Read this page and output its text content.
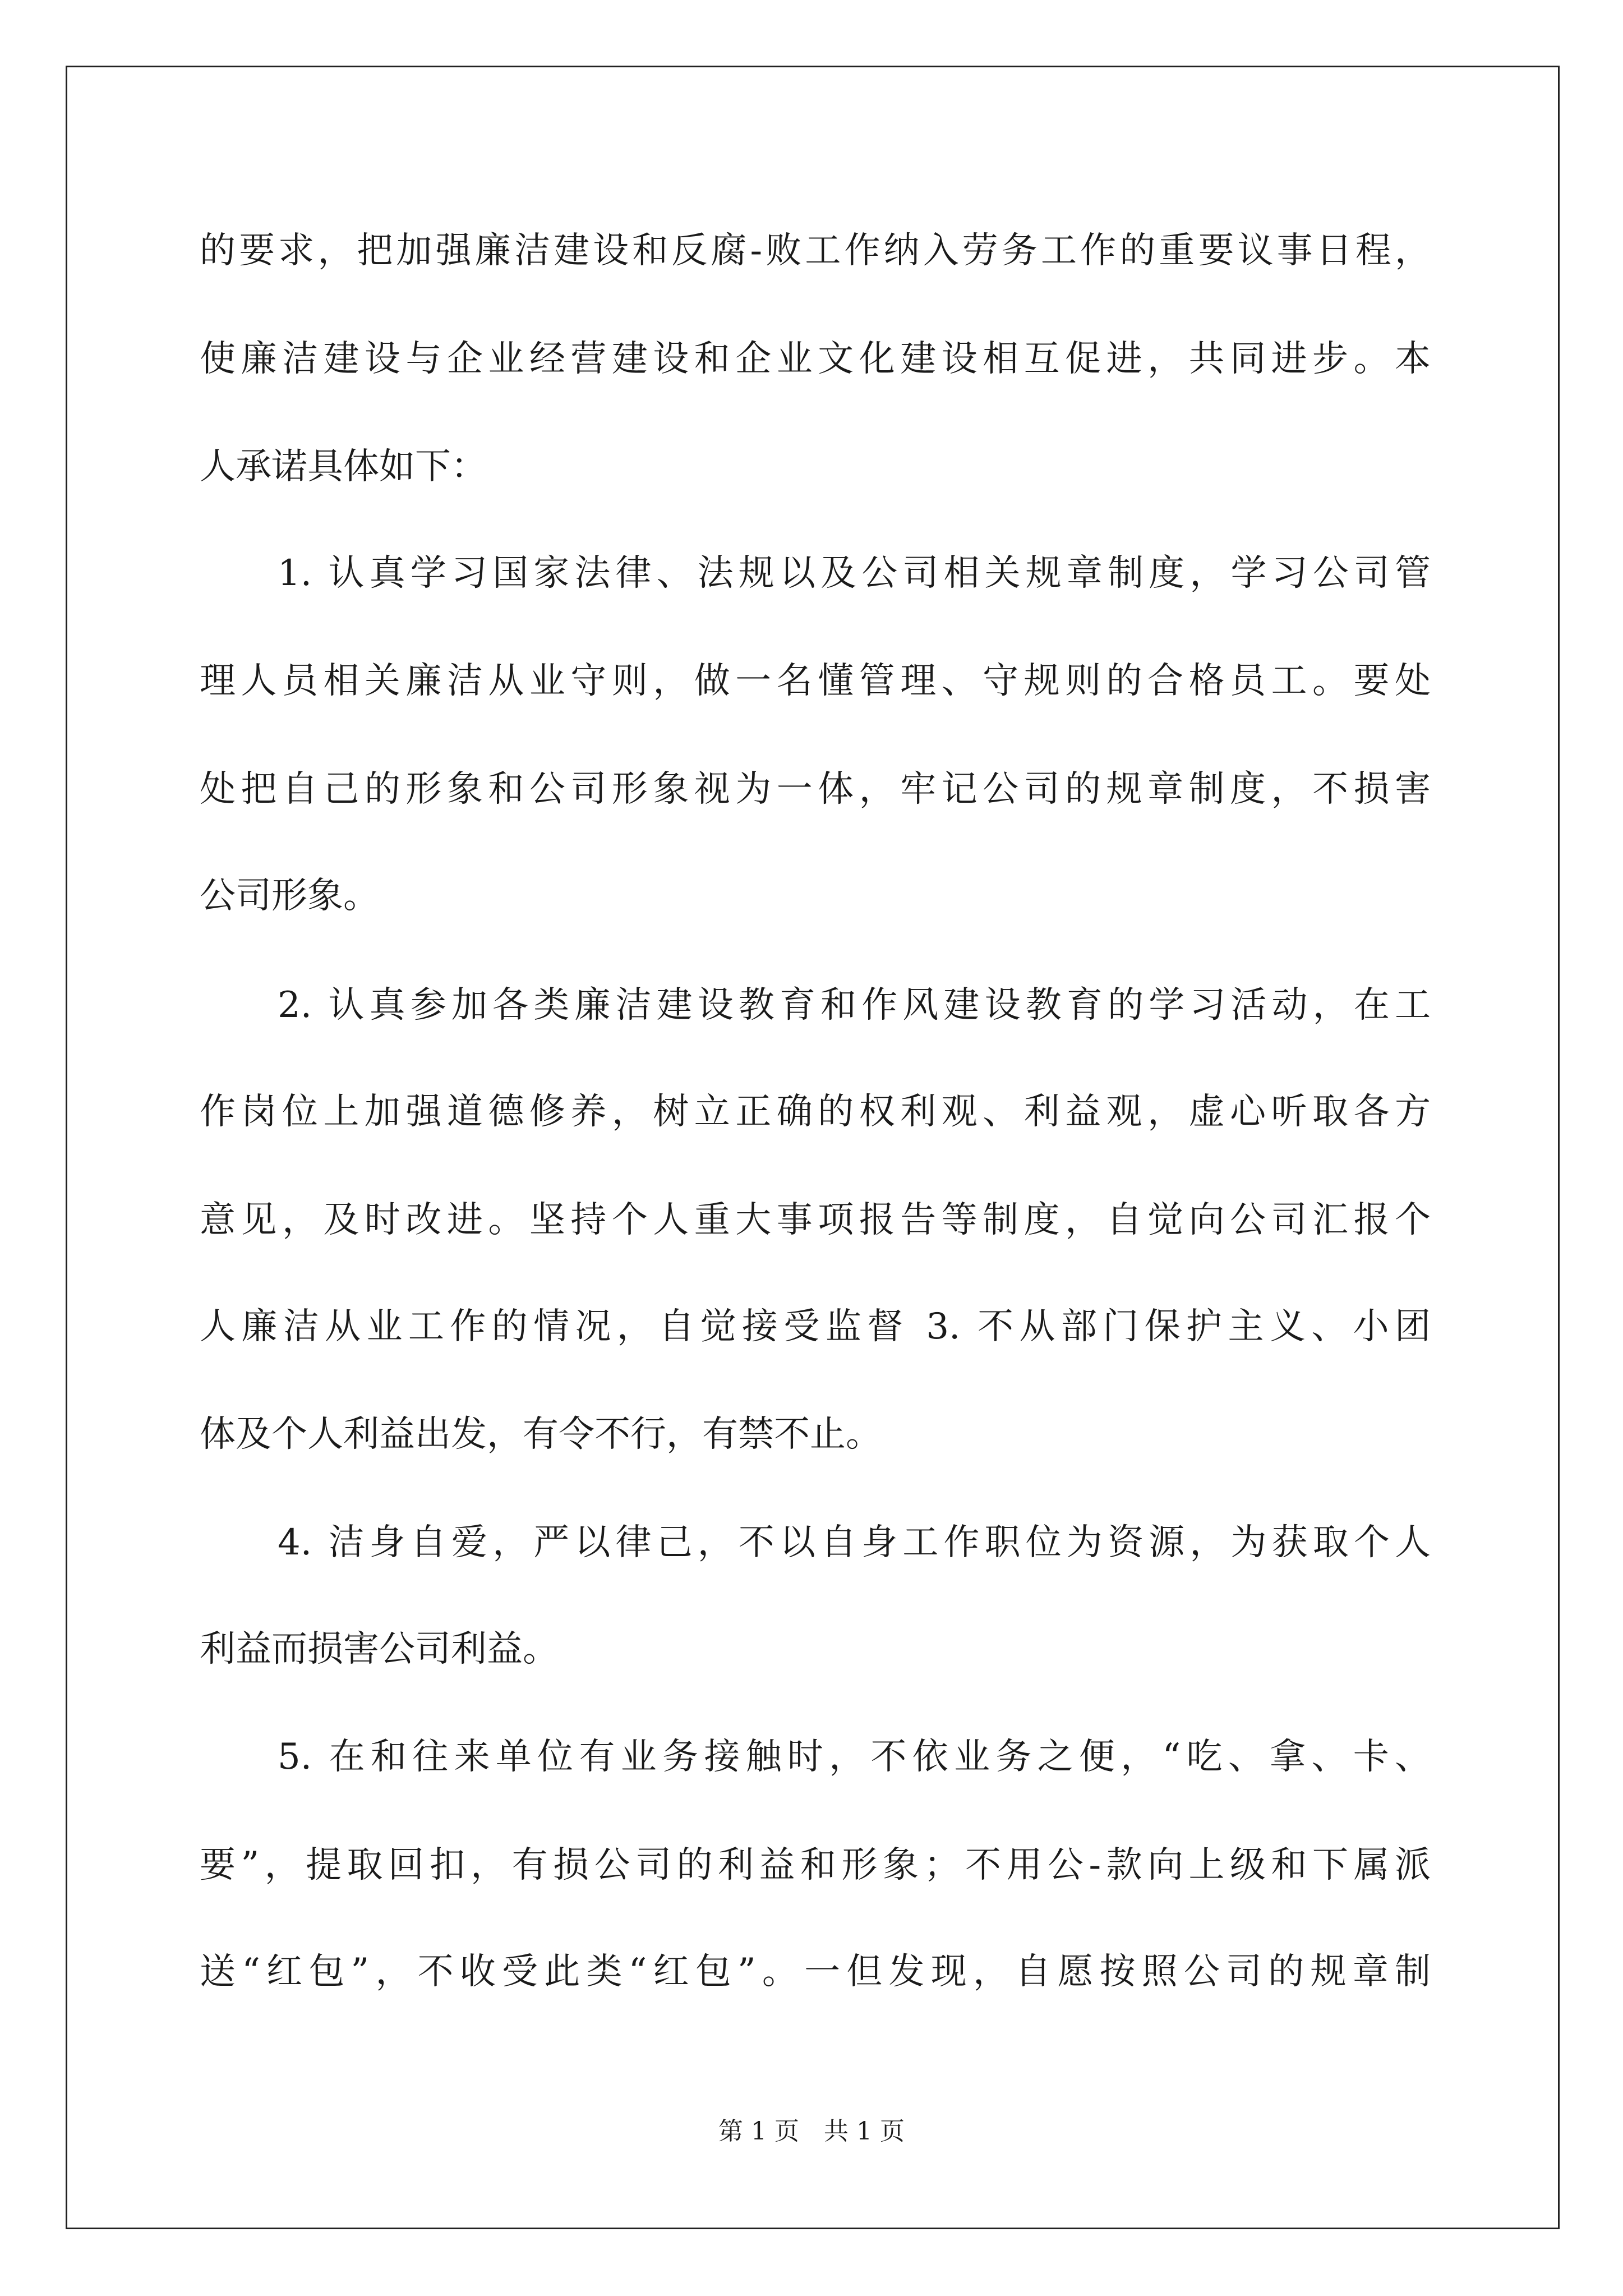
的要求，把加强廉洁建设和反腐-败工作纳入劳务工作的重要议事日程，
使廉洁建设与企业经营建设和企业文化建设相互促进，共同进步。本
人承诺具体如下：
1. 认真学习国家法律、法规以及公司相关规章制度，学习公司管
理人员相关廉洁从业守则，做一名懂管理、守规则的合格员工。要处
处把自己的形象和公司形象视为一体，牢记公司的规章制度，不损害
公司形象。
2. 认真参加各类廉洁建设教育和作风建设教育的学习活动，在工
作岗位上加强道德修养，树立正确的权利观、利益观，虚心听取各方
意见，及时改进。坚持个人重大事项报告等制度，自觉向公司汇报个
人廉洁从业工作的情况，自觉接受监督 3. 不从部门保护主义、小团
体及个人利益出发，有令不行，有禁不止。
4. 洁身自爱，严以律己，不以自身工作职位为资源，为获取个人
利益而损害公司利益。
5. 在和往来单位有业务接触时，不依业务之便，“吃、拿、卡、
要”，提取回扣，有损公司的利益和形象；不用公-款向上级和下属派
送“红包”，不收受此类“红包”。一但发现，自愿按照公司的规章制
第 1 页　共 1 页
